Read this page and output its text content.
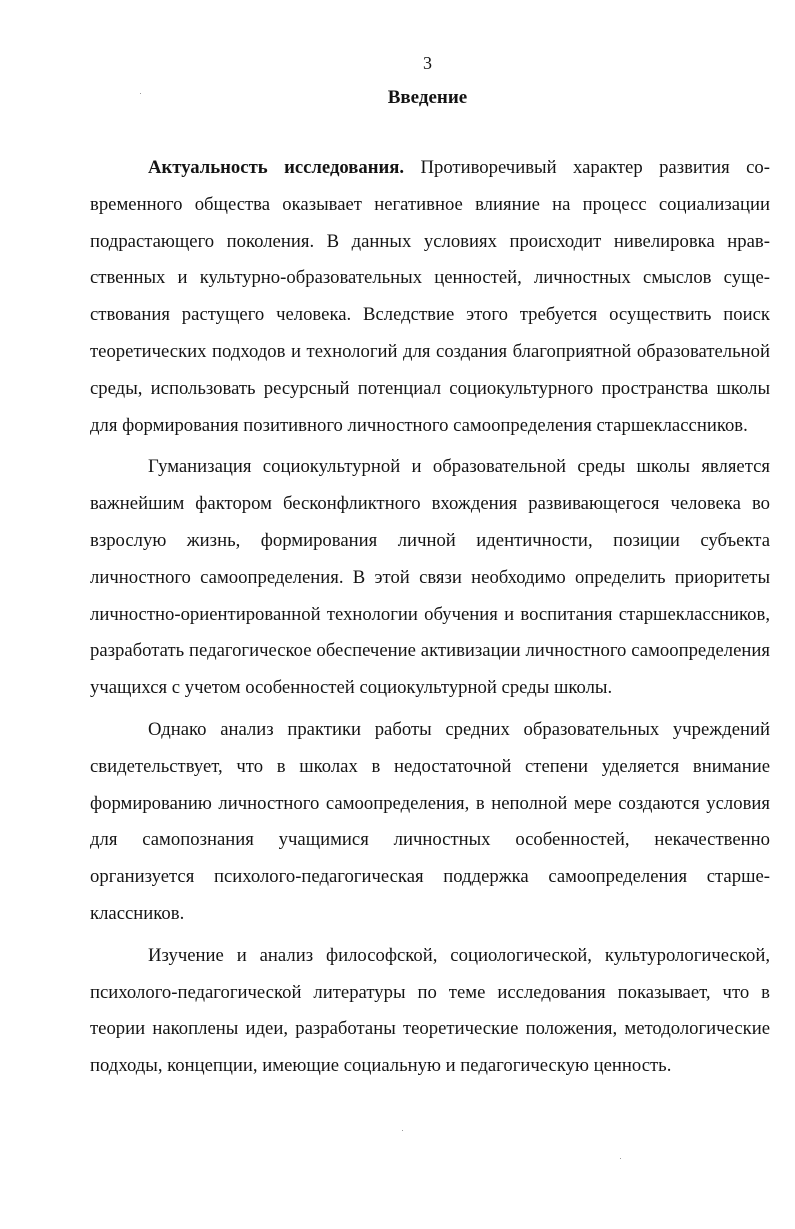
3
Введение

Актуальность исследования. Противоречивый характер развития современного общества оказывает негативное влияние на процесс социализации подрастающего поколения. В данных условиях происходит нивелировка нравственных и культурно-образовательных ценностей, личностных смыслов существования растущего человека. Вследствие этого требуется осуществить поиск теоретических подходов и технологий для создания благоприятной образовательной среды, использовать ресурсный потенциал социокультурного пространства школы для формирования позитивного личностного самоопределения старшеклассников.

Гуманизация социокультурной и образовательной среды школы является важнейшим фактором бесконфликтного вхождения развивающегося человека во взрослую жизнь, формирования личной идентичности, позиции субъекта личностного самоопределения. В этой связи необходимо определить приоритеты личностно-ориентированной технологии обучения и воспитания старшеклассников, разработать педагогическое обеспечение активизации личностного самоопределения учащихся с учетом особенностей социокультурной среды школы.

Однако анализ практики работы средних образовательных учреждений свидетельствует, что в школах в недостаточной степени уделяется внимание формированию личностного самоопределения, в неполной мере создаются условия для самопознания учащимися личностных особенностей, некачественно организуется психолого-педагогическая поддержка самоопределения старшеклассников.

Изучение и анализ философской, социологической, культурологической, психолого-педагогической литературы по теме исследования показывает, что в теории накоплены идеи, разработаны теоретические положения, методологические подходы, концепции, имеющие социальную и педагогическую ценность.
